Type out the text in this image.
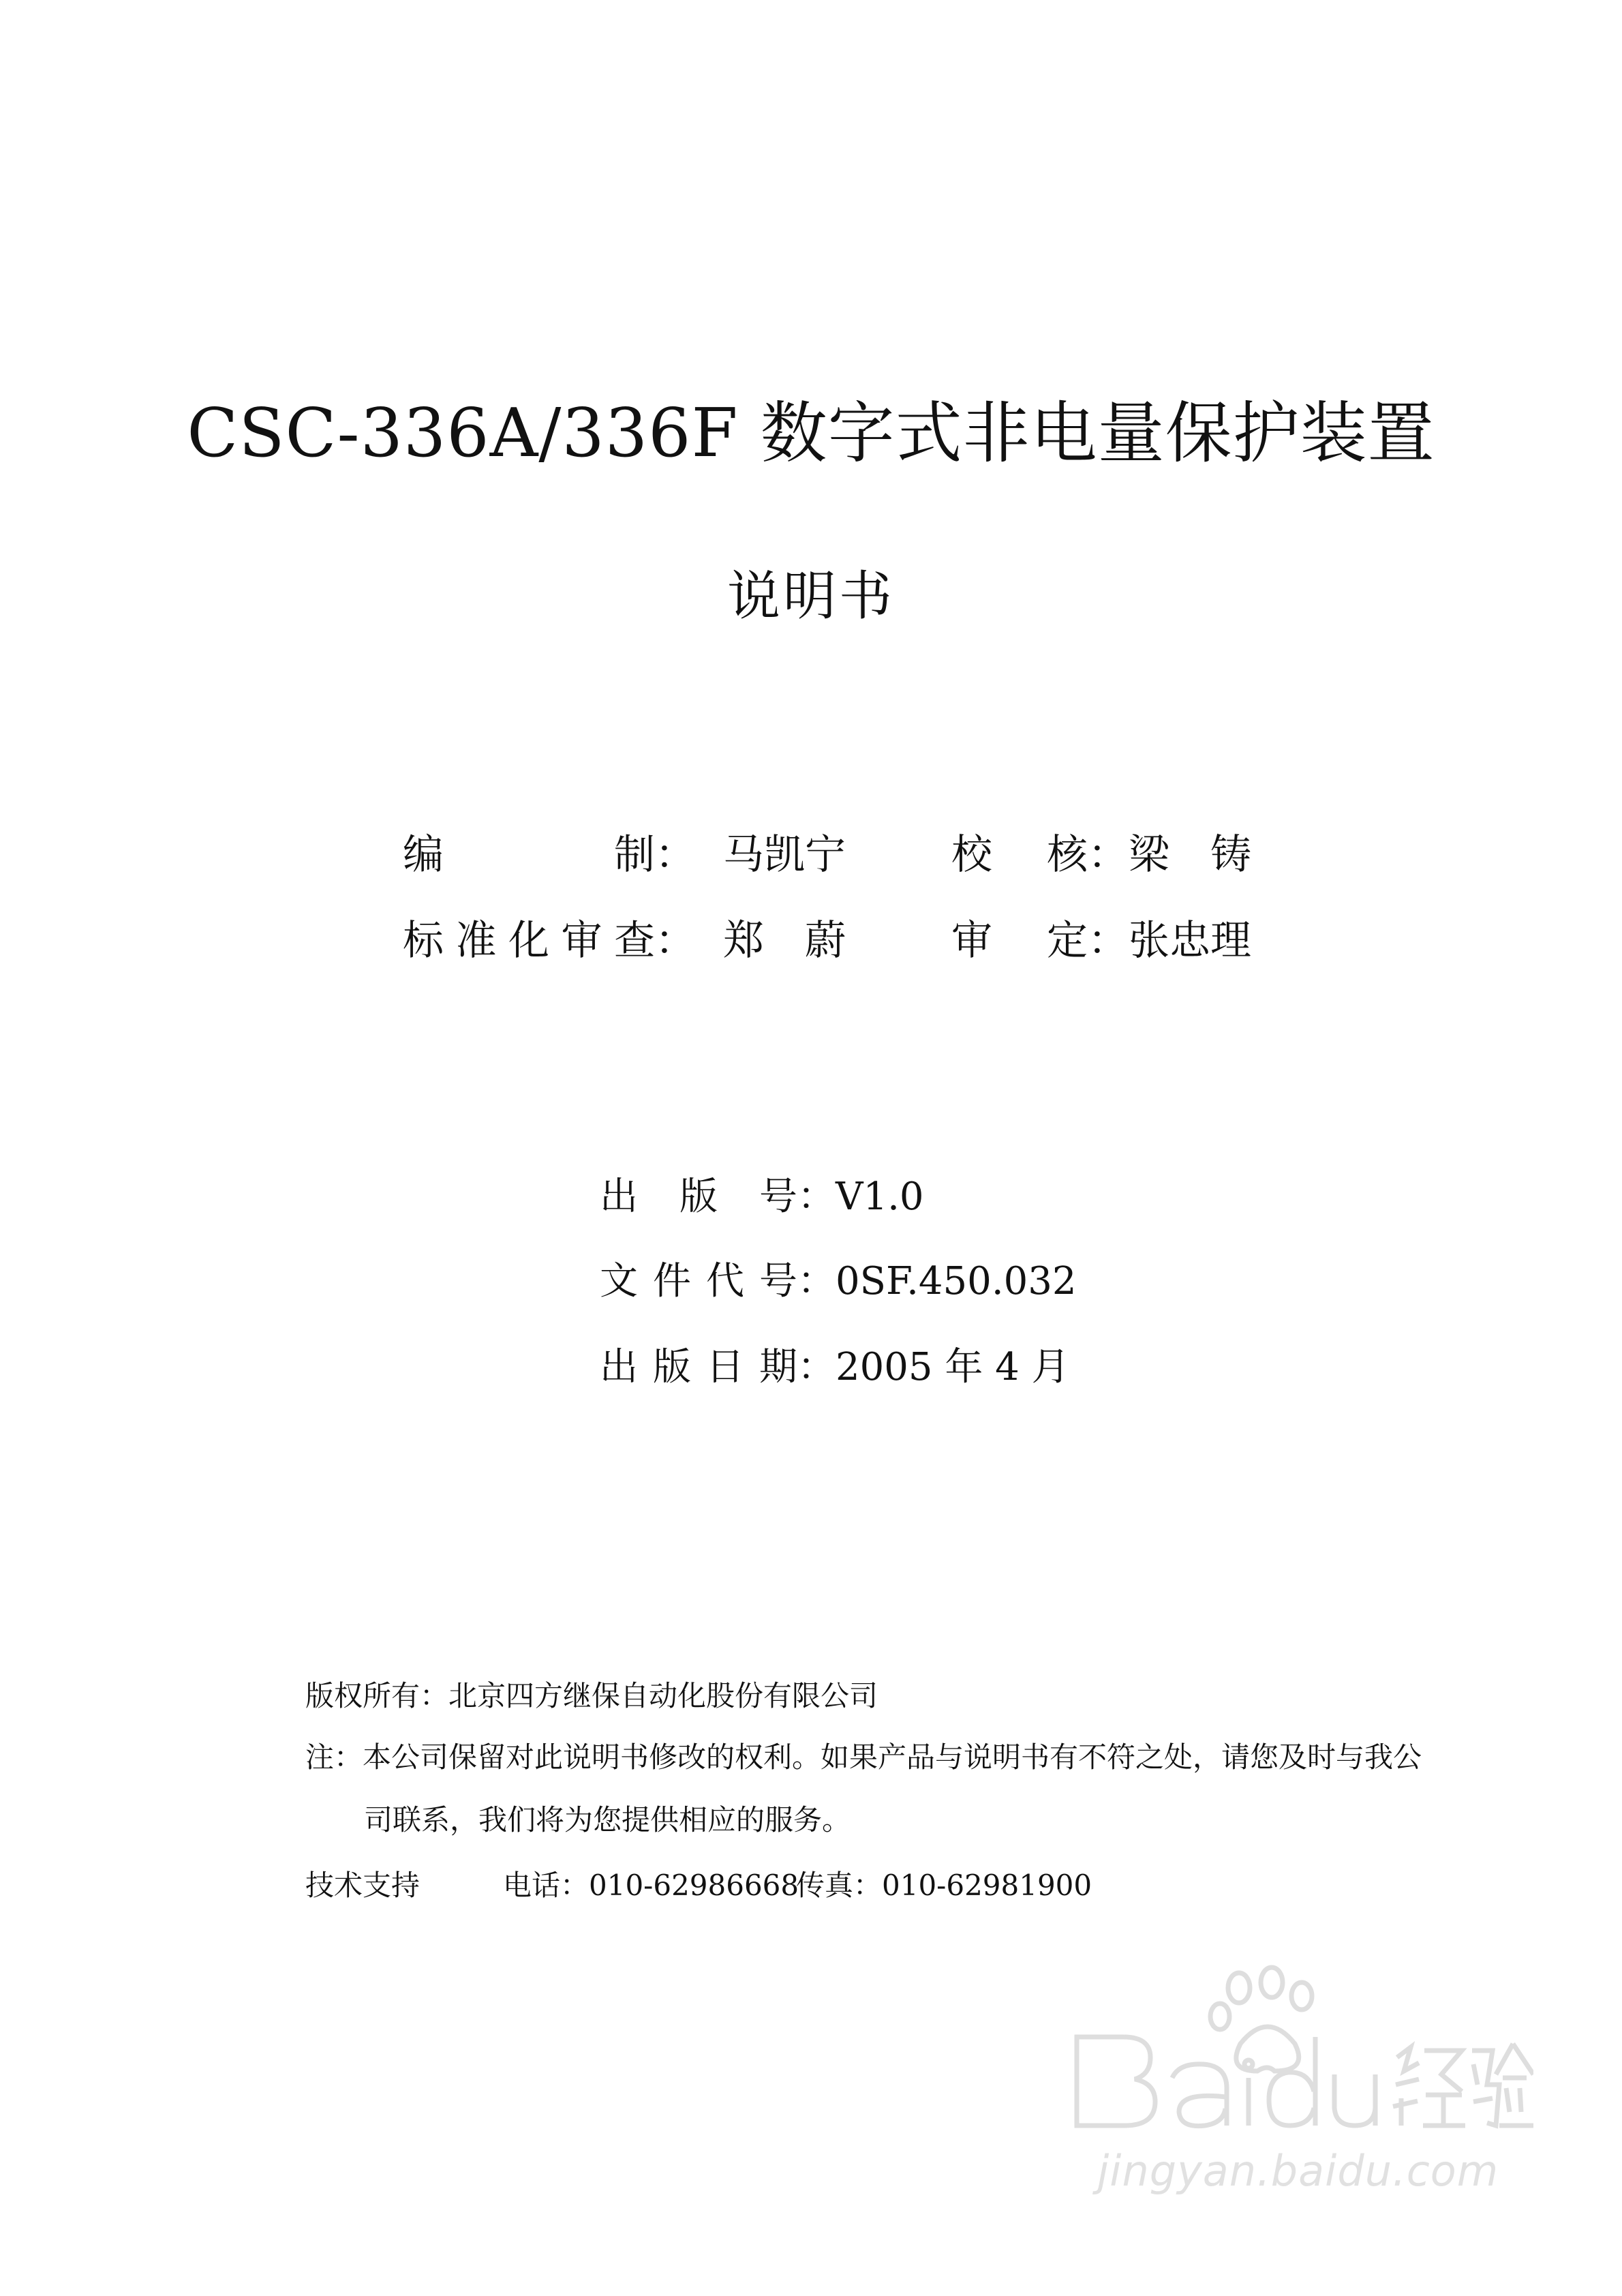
CSC-336A/336F 数字式非电量保护装置
说明书
编制： 马凯宁	校核：梁铸
标准化审查： 郑蔚	审定：张忠理
出版号：V1.0
文件代号：0SF.450.032
出版日期：2005 年 4 月
版权所有：北京四方继保自动化股份有限公司
注：本公司保留对此说明书修改的权利。如果产品与说明书有不符之处，请您及时与我公
司联系，我们将为您提供相应的服务。
技术支持	电话：010-62986668传真：010-62981900
jingyan.baidu.com
